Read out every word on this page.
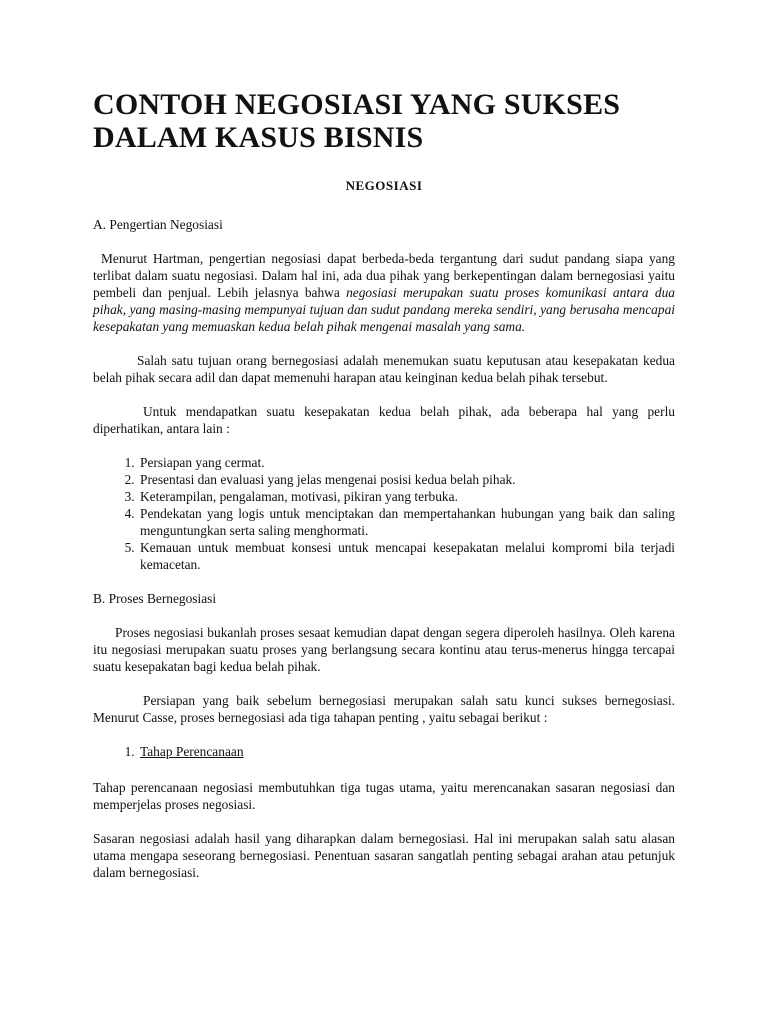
CONTOH NEGOSIASI YANG SUKSES DALAM KASUS BISNIS
NEGOSIASI

A. Pengertian Negosiasi

Menurut Hartman, pengertian negosiasi dapat berbeda-beda tergantung dari sudut pandang siapa yang terlibat dalam suatu negosiasi. Dalam hal ini, ada dua pihak yang berkepentingan dalam bernegosiasi yaitu pembeli dan penjual. Lebih jelasnya bahwa negosiasi merupakan suatu proses komunikasi antara dua pihak, yang masing-masing mempunyai tujuan dan sudut pandang mereka sendiri, yang berusaha mencapai kesepakatan yang memuaskan kedua belah pihak mengenai masalah yang sama.

Salah satu tujuan orang bernegosiasi adalah menemukan suatu keputusan atau kesepakatan kedua belah pihak secara adil dan dapat memenuhi harapan atau keinginan kedua belah pihak tersebut.

Untuk mendapatkan suatu kesepakatan kedua belah pihak, ada beberapa hal yang perlu diperhatikan, antara lain :

1. Persiapan yang cermat.
2. Presentasi dan evaluasi yang jelas mengenai posisi kedua belah pihak.
3. Keterampilan, pengalaman, motivasi, pikiran yang terbuka.
4. Pendekatan yang logis untuk menciptakan dan mempertahankan hubungan yang baik dan saling menguntungkan serta saling menghormati.
5. Kemauan untuk membuat konsesi untuk mencapai kesepakatan melalui kompromi bila terjadi kemacetan.

B. Proses Bernegosiasi

Proses negosiasi bukanlah proses sesaat kemudian dapat dengan segera diperoleh hasilnya. Oleh karena itu negosiasi merupakan suatu proses yang berlangsung secara kontinu atau terus-menerus hingga tercapai suatu kesepakatan bagi kedua belah pihak.

Persiapan yang baik sebelum bernegosiasi merupakan salah satu kunci sukses bernegosiasi. Menurut Casse, proses bernegosiasi ada tiga tahapan penting , yaitu sebagai berikut :

1. Tahap Perencanaan

Tahap perencanaan negosiasi membutuhkan tiga tugas utama, yaitu merencanakan sasaran negosiasi dan memperjelas proses negosiasi.

Sasaran negosiasi adalah hasil yang diharapkan dalam bernegosiasi. Hal ini merupakan salah satu alasan utama mengapa seseorang bernegosiasi. Penentuan sasaran sangatlah penting sebagai arahan atau petunjuk dalam bernegosiasi.
